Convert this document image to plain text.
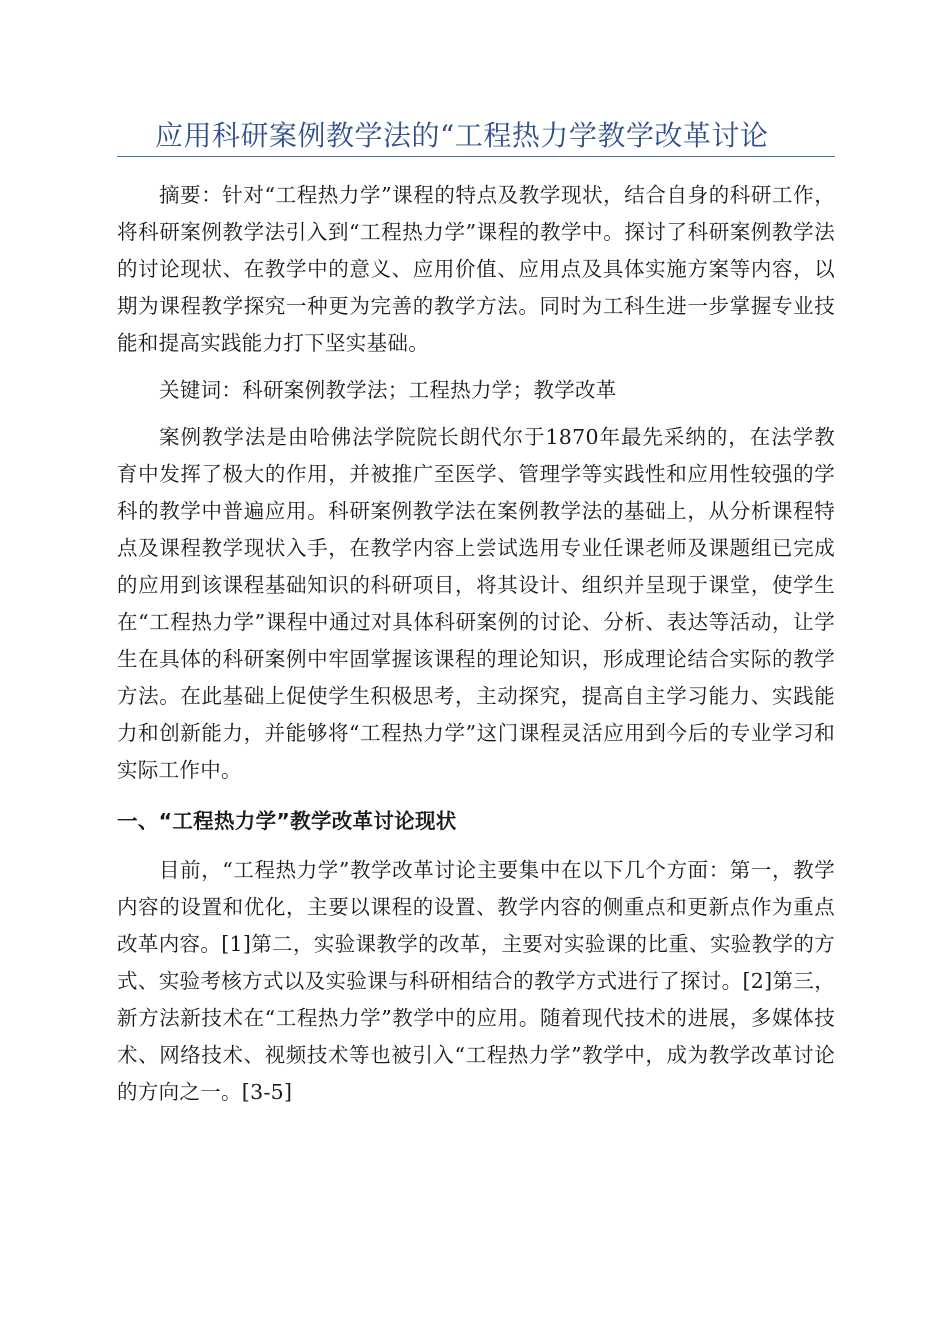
应用科研案例教学法的“工程热力学教学改革讨论

摘要：针对“工程热力学”课程的特点及教学现状，结合自身的科研工作，将科研案例教学法引入到“工程热力学”课程的教学中。探讨了科研案例教学法的讨论现状、在教学中的意义、应用价值、应用点及具体实施方案等内容，以期为课程教学探究一种更为完善的教学方法。同时为工科生进一步掌握专业技能和提高实践能力打下坚实基础。

关键词：科研案例教学法；工程热力学；教学改革

案例教学法是由哈佛法学院院长朗代尔于1870年最先采纳的，在法学教育中发挥了极大的作用，并被推广至医学、管理学等实践性和应用性较强的学科的教学中普遍应用。科研案例教学法在案例教学法的基础上，从分析课程特点及课程教学现状入手，在教学内容上尝试选用专业任课老师及课题组已完成的应用到该课程基础知识的科研项目，将其设计、组织并呈现于课堂，使学生在“工程热力学”课程中通过对具体科研案例的讨论、分析、表达等活动，让学生在具体的科研案例中牢固掌握该课程的理论知识，形成理论结合实际的教学方法。在此基础上促使学生积极思考，主动探究，提高自主学习能力、实践能力和创新能力，并能够将“工程热力学”这门课程灵活应用到今后的专业学习和实际工作中。

一、“工程热力学”教学改革讨论现状

目前，“工程热力学”教学改革讨论主要集中在以下几个方面：第一，教学内容的设置和优化，主要以课程的设置、教学内容的侧重点和更新点作为重点改革内容。[1]第二，实验课教学的改革，主要对实验课的比重、实验教学的方式、实验考核方式以及实验课与科研相结合的教学方式进行了探讨。[2]第三，新方法新技术在“工程热力学”教学中的应用。随着现代技术的进展，多媒体技术、网络技术、视频技术等也被引入“工程热力学”教学中，成为教学改革讨论的方向之一。[3-5]
